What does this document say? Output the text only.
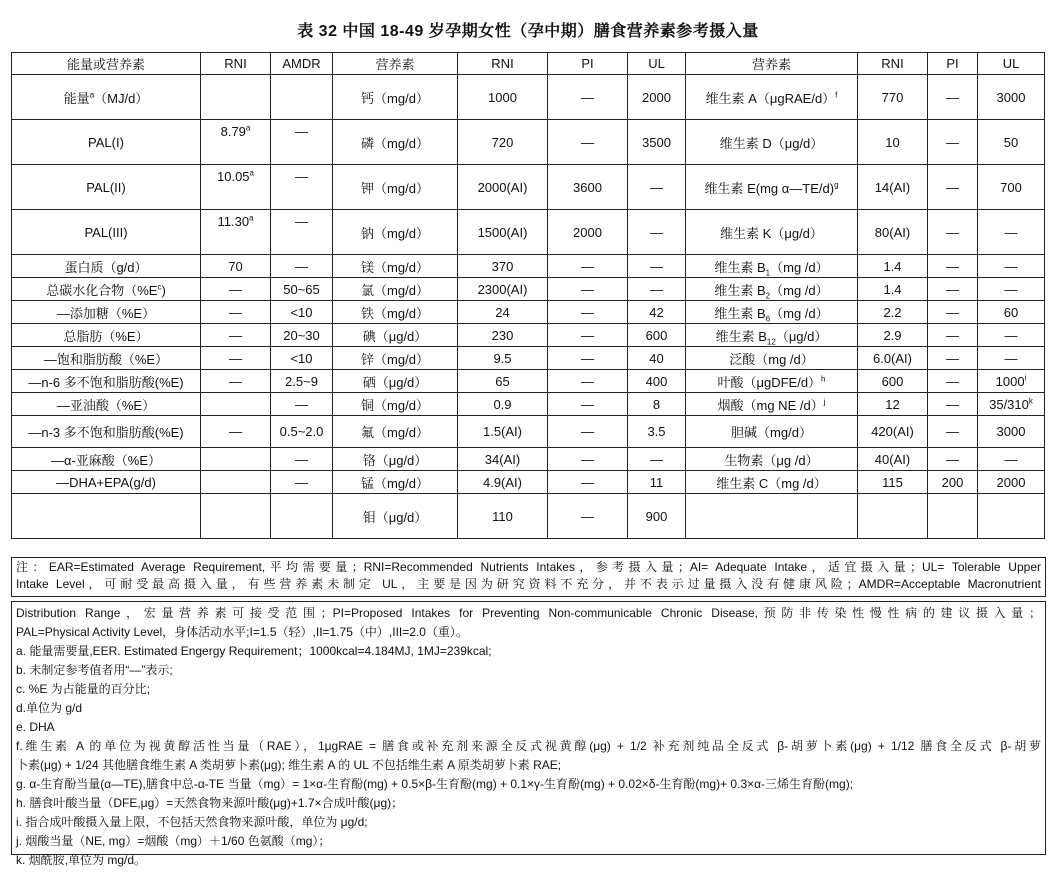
表 32 中国 18-49 岁孕期女性（孕中期）膳食营养素参考摄入量
能量或营养素	RNI	AMDR	营养素	RNI	PI	UL	营养素	RNI	PI	UL
能量$^a$（MJ/d）			钙（mg/d）	1000	—	2000	维生素 A（μgRAE/d）$^f$	770	—	3000
PAL(I)	8.79$^a$	—	磷（mg/d）	720	—	3500	维生素 D（μg/d）	10	—	50
PAL(II)	10.05$^a$	—	钾（mg/d）	2000(AI)	3600	—	维生素 E(mg α—TE/d)$^g$	14(AI)	—	700
PAL(III)	11.30$^a$	—	钠（mg/d）	1500(AI)	2000	—	维生素 K（μg/d）	80(AI)	—	—
蛋白质（g/d）	70	—	镁（mg/d）	370	—	—	维生素 $B_1(mg$ /d）	1.4	—	—
总碳水化合物$(\%E^c)$	—	50~65	氯（mg/d）	2300(AI)	—	—	维生素 $B_2(mg$ /d）	1.4	—	—
—添加糖（%E）	—	<10	铁（mg/d）	24	—	42	维生素 $B_6(mg$ /d）	2.2	—	60
总脂肪（%E）	—	20~30	碘（μg/d）	230	—	600	维生素 $B_{12}(\mu g/d)$	2.9	—	—
—饱和脂肪酸（%E）	—	<10	锌（mg/d）	9.5	—	40	泛酸（mg /d）	6.0(AI)	—	—
—n-6 多不饱和脂肪酸(%E)	—	2.5~9	硒（μg/d）	65	—	400	叶酸（μgDFE/d）$^h$	600	—	1000$^i$
—亚油酸（%E）		—	铜（mg/d）	0.9	—	8	烟酸（mg NE /d）$^j$	12	—	35/310$^k$
—n-3 多不饱和脂肪酸(%E)	—	0.5~2.0	氟（mg/d）	1.5(AI)	—	3.5	胆碱（mg/d）	420(AI)	—	3000
—α-亚麻酸（%E）		—	铬（μg/d）	34(AI)	—	—	生物素（μg /d）	40(AI)	—	—
—DHA+EPA(g/d)		—	锰（mg/d）	4.9(AI)	—	11	维生素 C（mg /d）	115	200	2000
			钼（μg/d）	110	—	900				
注：EAR=Estimated Average Requirement,平均需要量；RNI=Recommended Nutrients Intakes，参考摄入量；AI= Adequate Intake，适宜摄入量；UL= Tolerable Upper
Intake Level，可耐受最高摄入量，有些营养素未制定 UL，主要是因为研究资料不充分，并不表示过量摄入没有健康风险；AMDR=Acceptable Macronutrient
Distribution Range，宏量营养素可接受范围；PI=Proposed Intakes for Preventing Non-communicable Chronic Disease,预防非传染性慢性病的建议摄入量；
PAL=Physical Activity Level，身体活动水平;I=1.5（轻）,II=1.75（中）,III=2.0（重）。
a. 能量需要量,EER. Estimated Engergy Requirement；1000kcal=4.184MJ, 1MJ=239kcal;
b. 未制定参考值者用“—”表示;
c. %E 为占能量的百分比;
d.单位为 g/d
e. DHA
f.维生素 A 的单位为视黄醇活性当量（RAE），1μgRAE = 膳食或补充剂来源全反式视黄醇(μg) + 1/2 补充剂纯品全反式 β-胡萝卜素(μg) + 1/12 膳食全反式 β-胡萝
卜素(μg) + 1/24 其他膳食维生素 A 类胡萝卜素(μg); 维生素 A 的 UL 不包括维生素 A 原类胡萝卜素 RAE;
g. α-生育酚当量(α—TE),膳食中总-α-TE 当量（mg）= 1×α-生育酚(mg) + 0.5×β-生育酚(mg) + 0.1×γ-生育酚(mg) + 0.02×δ-生育酚(mg)+ 0.3×α-三烯生育酚(mg);
h. 膳食叶酸当量（DFE,μg）=天然食物来源叶酸(μg)+1.7×合成叶酸(μg)；
i. 指合成叶酸摄入量上限，不包括天然食物来源叶酸，单位为 μg/d;
j. 烟酸当量（NE, mg）=烟酸（mg）＋1/60 色氨酸（mg）；
k. 烟酰胺,单位为 mg/d。
